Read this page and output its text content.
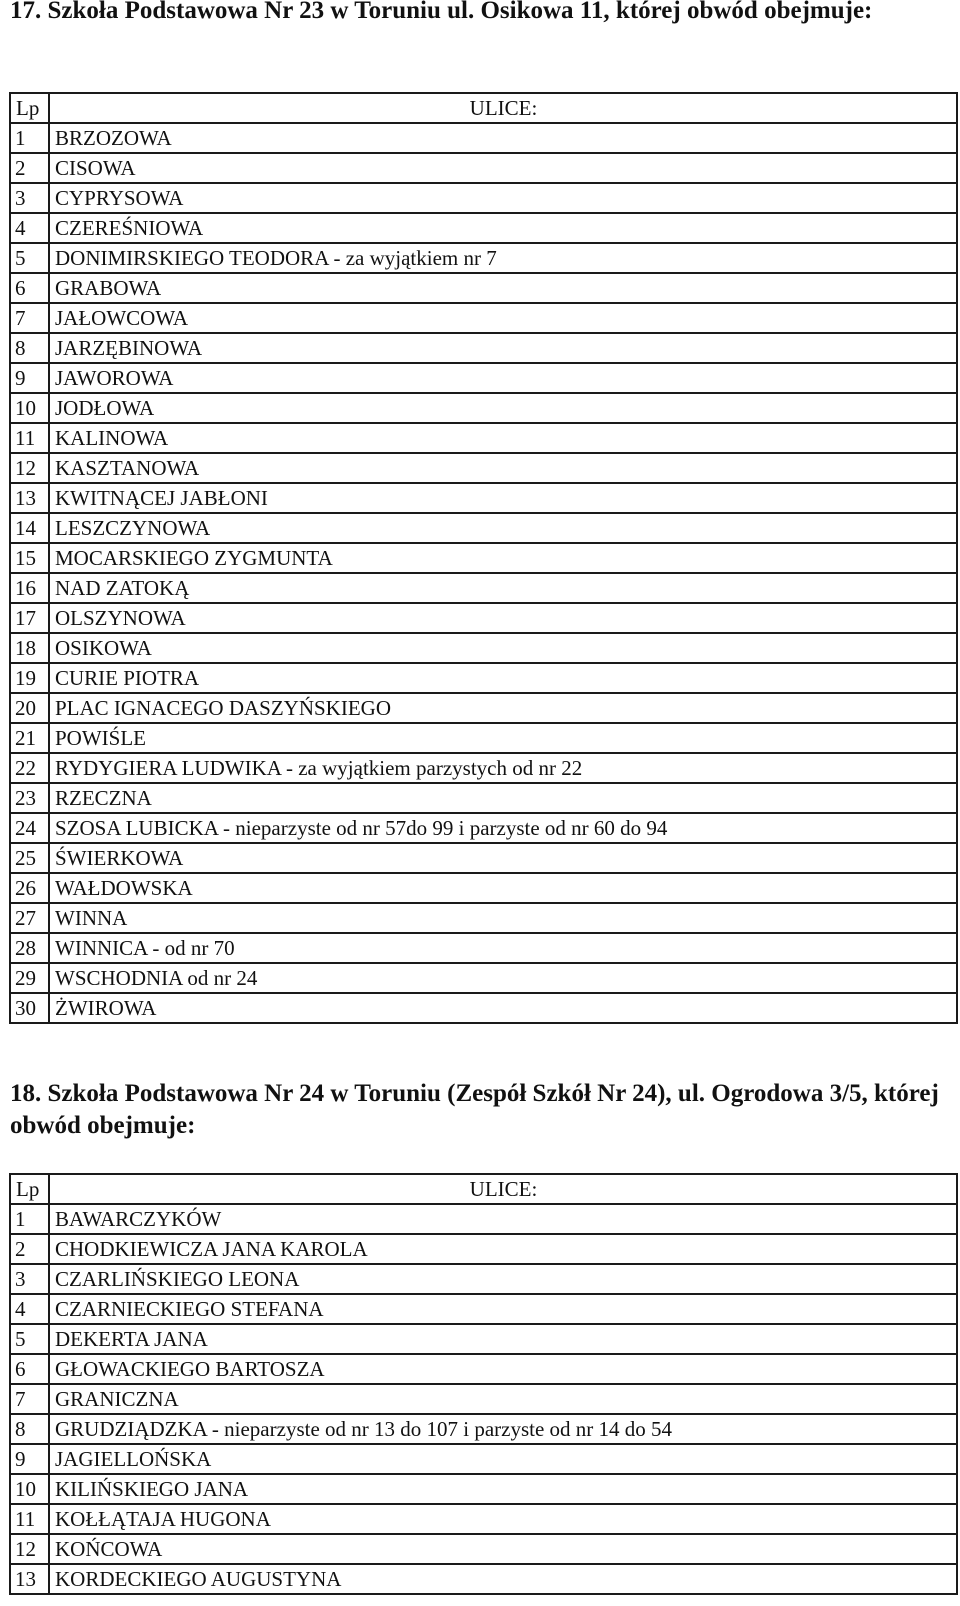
17. Szkoła Podstawowa Nr 23 w Toruniu ul. Osikowa 11, której obwód obejmuje:
Lp	ULICE:
1	BRZOZOWA
2	CISOWA
3	CYPRYSOWA
4	CZEREŚNIOWA
5	DONIMIRSKIEGO TEODORA - za wyjątkiem nr 7
6	GRABOWA
7	JAŁOWCOWA
8	JARZĘBINOWA
9	JAWOROWA
10	JODŁOWA
11	KALINOWA
12	KASZTANOWA
13	KWITNĄCEJ JABŁONI
14	LESZCZYNOWA
15	MOCARSKIEGO ZYGMUNTA
16	NAD ZATOKĄ
17	OLSZYNOWA
18	OSIKOWA
19	CURIE PIOTRA
20	PLAC IGNACEGO DASZYŃSKIEGO
21	POWIŚLE
22	RYDYGIERA LUDWIKA - za wyjątkiem parzystych od nr 22
23	RZECZNA
24	SZOSA LUBICKA - nieparzyste od nr 57do 99 i parzyste od nr 60 do 94
25	ŚWIERKOWA
26	WAŁDOWSKA
27	WINNA
28	WINNICA - od nr 70
29	WSCHODNIA od nr 24
30	ŻWIROWA
18. Szkoła Podstawowa Nr 24 w Toruniu (Zespół Szkół Nr 24), ul. Ogrodowa 3/5, której obwód obejmuje:
Lp	ULICE:
1	BAWARCZYKÓW
2	CHODKIEWICZA JANA KAROLA
3	CZARLIŃSKIEGO LEONA
4	CZARNIECKIEGO STEFANA
5	DEKERTA JANA
6	GŁOWACKIEGO BARTOSZA
7	GRANICZNA
8	GRUDZIĄDZKA - nieparzyste od nr 13 do 107 i parzyste od nr 14 do 54
9	JAGIELLOŃSKA
10	KILIŃSKIEGO JANA
11	KOŁŁĄTAJA HUGONA
12	KOŃCOWA
13	KORDECKIEGO AUGUSTYNA
